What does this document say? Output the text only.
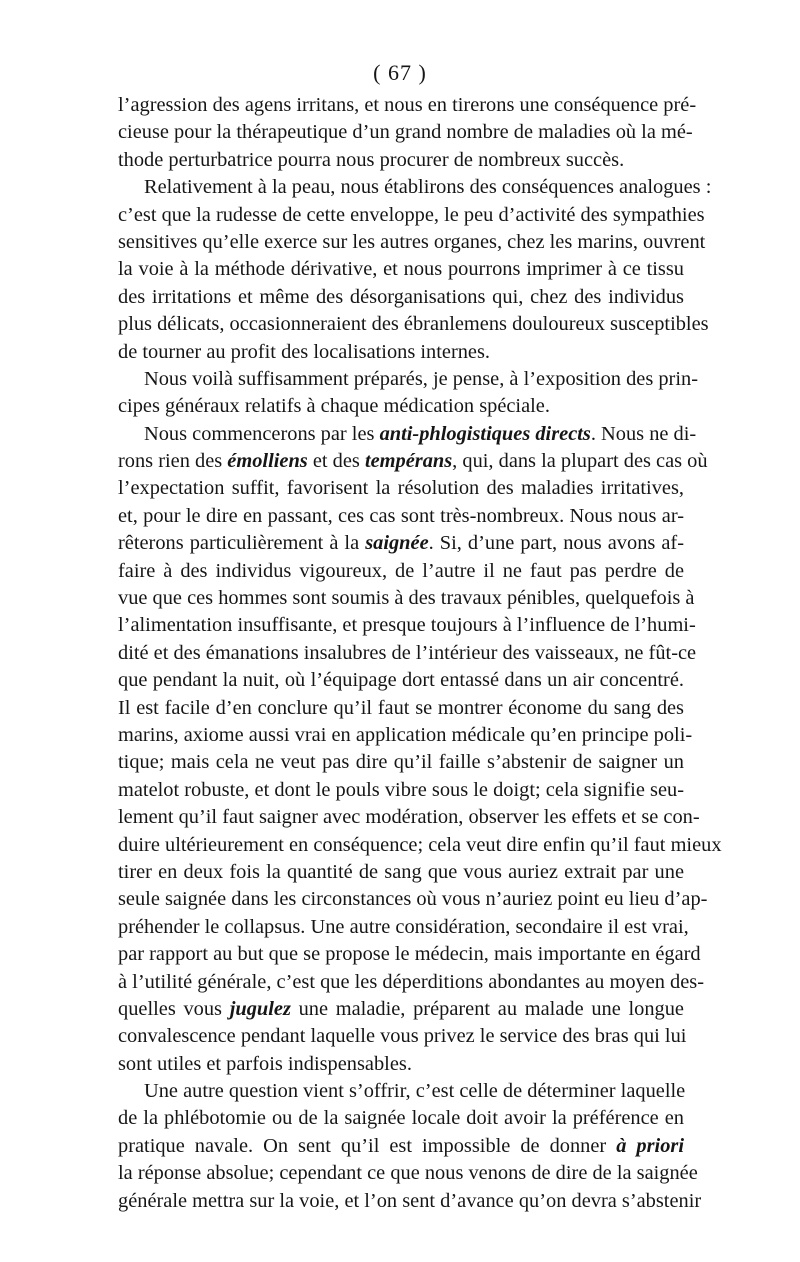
( 67 )
l’agression des agens irritans, et nous en tirerons une conséquence pré-
cieuse pour la thérapeutique d’un grand nombre de maladies où la mé-
thode perturbatrice pourra nous procurer de nombreux succès.
Relativement à la peau, nous établirons des conséquences analogues :
c’est que la rudesse de cette enveloppe, le peu d’activité des sympathies
sensitives qu’elle exerce sur les autres organes, chez les marins, ouvrent
la voie à la méthode dérivative, et nous pourrons imprimer à ce tissu
des irritations et même des désorganisations qui, chez des individus
plus délicats, occasionneraient des ébranlemens douloureux susceptibles
de tourner au profit des localisations internes.
Nous voilà suffisamment préparés, je pense, à l’exposition des prin-
cipes généraux relatifs à chaque médication spéciale.
Nous commencerons par les anti-phlogistiques directs. Nous ne di-
rons rien des émolliens et des tempérans, qui, dans la plupart des cas où
l’expectation suffit, favorisent la résolution des maladies irritatives,
et, pour le dire en passant, ces cas sont très-nombreux. Nous nous ar-
rêterons particulièrement à la saignée. Si, d’une part, nous avons af-
faire à des individus vigoureux, de l’autre il ne faut pas perdre de
vue que ces hommes sont soumis à des travaux pénibles, quelquefois à
l’alimentation insuffisante, et presque toujours à l’influence de l’humi-
dité et des émanations insalubres de l’intérieur des vaisseaux, ne fût-ce
que pendant la nuit, où l’équipage dort entassé dans un air concentré.
Il est facile d’en conclure qu’il faut se montrer économe du sang des
marins, axiome aussi vrai en application médicale qu’en principe poli-
tique; mais cela ne veut pas dire qu’il faille s’abstenir de saigner un
matelot robuste, et dont le pouls vibre sous le doigt; cela signifie seu-
lement qu’il faut saigner avec modération, observer les effets et se con-
duire ultérieurement en conséquence; cela veut dire enfin qu’il faut mieux
tirer en deux fois la quantité de sang que vous auriez extrait par une
seule saignée dans les circonstances où vous n’auriez point eu lieu d’ap-
préhender le collapsus. Une autre considération, secondaire il est vrai,
par rapport au but que se propose le médecin, mais importante en égard
à l’utilité générale, c’est que les déperditions abondantes au moyen des-
quelles vous jugulez une maladie, préparent au malade une longue
convalescence pendant laquelle vous privez le service des bras qui lui
sont utiles et parfois indispensables.
Une autre question vient s’offrir, c’est celle de déterminer laquelle
de la phlébotomie ou de la saignée locale doit avoir la préférence en
pratique navale. On sent qu’il est impossible de donner à priori
la réponse absolue; cependant ce que nous venons de dire de la saignée
générale mettra sur la voie, et l’on sent d’avance qu’on devra s’abstenir
